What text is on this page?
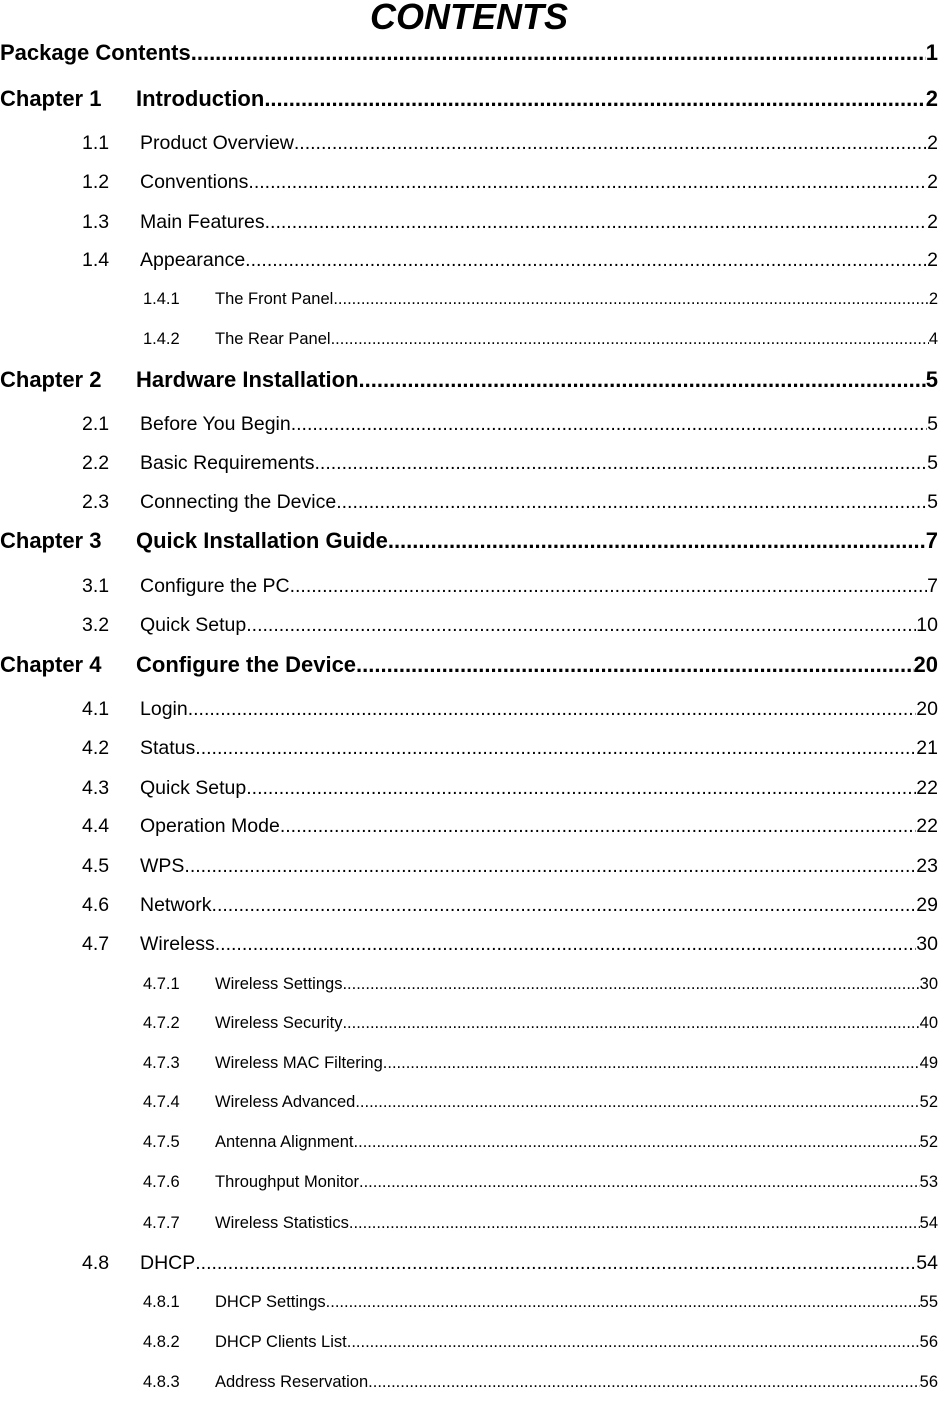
CONTENTS
Package Contents .....	1
Chapter 1	Introduction .....	2
1.1	Product Overview .....	2
1.2	Conventions .....	2
1.3	Main Features .....	2
1.4	Appearance .....	2
1.4.1	The Front Panel .....	2
1.4.2	The Rear Panel .....	4
Chapter 2	Hardware Installation .....	5
2.1	Before You Begin .....	5
2.2	Basic Requirements .....	5
2.3	Connecting the Device .....	5
Chapter 3	Quick Installation Guide .....	7
3.1	Configure the PC .....	7
3.2	Quick Setup .....	10
Chapter 4	Configure the Device .....	20
4.1	Login .....	20
4.2	Status .....	21
4.3	Quick Setup .....	22
4.4	Operation Mode .....	22
4.5	WPS .....	23
4.6	Network .....	29
4.7	Wireless .....	30
4.7.1	Wireless Settings .....	30
4.7.2	Wireless Security .....	40
4.7.3	Wireless MAC Filtering .....	49
4.7.4	Wireless Advanced .....	52
4.7.5	Antenna Alignment .....	52
4.7.6	Throughput Monitor .....	53
4.7.7	Wireless Statistics .....	54
4.8	DHCP .....	54
4.8.1	DHCP Settings .....	55
4.8.2	DHCP Clients List .....	56
4.8.3	Address Reservation .....	56
